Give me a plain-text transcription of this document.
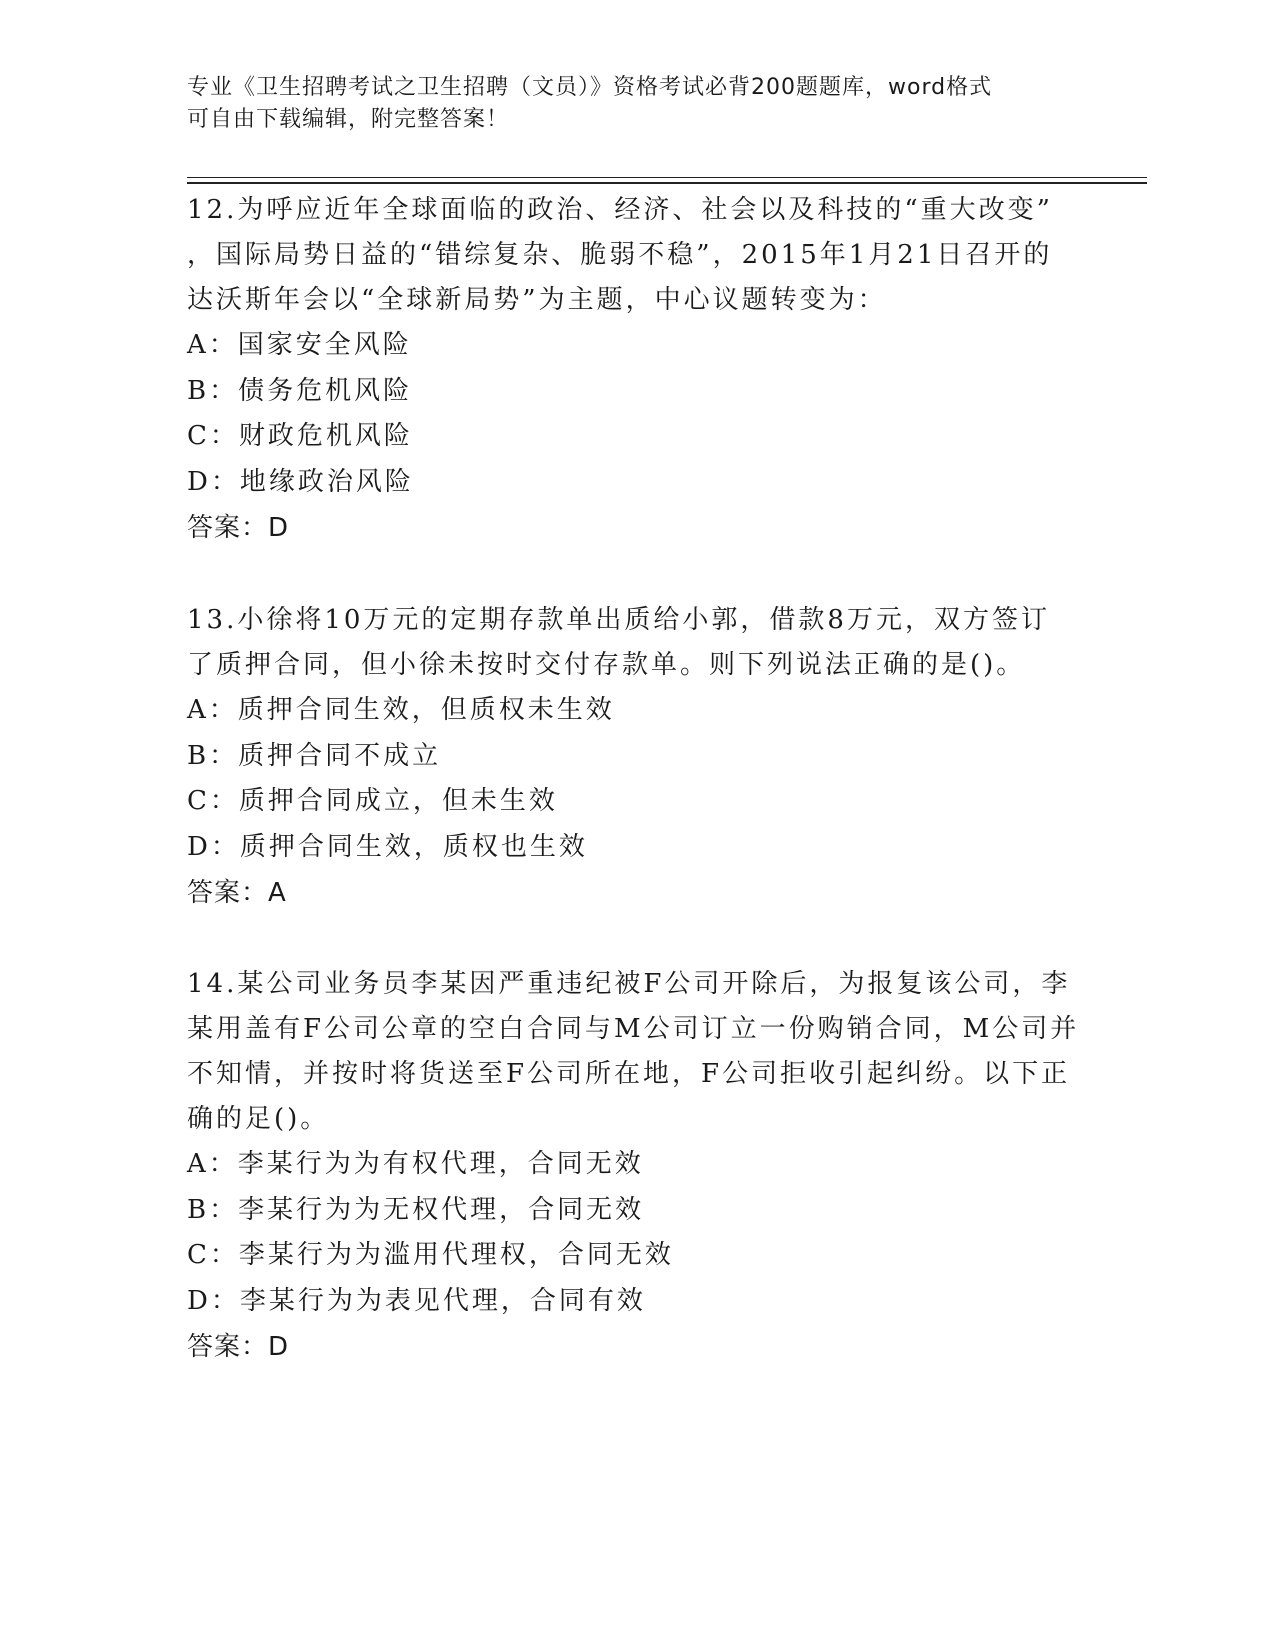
专业《卫生招聘考试之卫生招聘（文员）》资格考试必背200题题库，word格式
可自由下载编辑，附完整答案！
12.为呼应近年全球面临的政治、经济、社会以及科技的“重大改变”
，国际局势日益的“错综复杂、脆弱不稳”，2015年1月21日召开的
达沃斯年会以“全球新局势”为主题，中心议题转变为：
A：国家安全风险
B：债务危机风险
C：财政危机风险
D：地缘政治风险
答案：D
13.小徐将10万元的定期存款单出质给小郭，借款8万元，双方签订
了质押合同，但小徐未按时交付存款单。则下列说法正确的是()。
A：质押合同生效，但质权未生效
B：质押合同不成立
C：质押合同成立，但未生效
D：质押合同生效，质权也生效
答案：A
14.某公司业务员李某因严重违纪被F公司开除后，为报复该公司，李
某用盖有F公司公章的空白合同与M公司订立一份购销合同，M公司并
不知情，并按时将货送至F公司所在地，F公司拒收引起纠纷。以下正
确的足()。
A：李某行为为有权代理，合同无效
B：李某行为为无权代理，合同无效
C：李某行为为滥用代理权，合同无效
D：李某行为为表见代理，合同有效
答案：D
